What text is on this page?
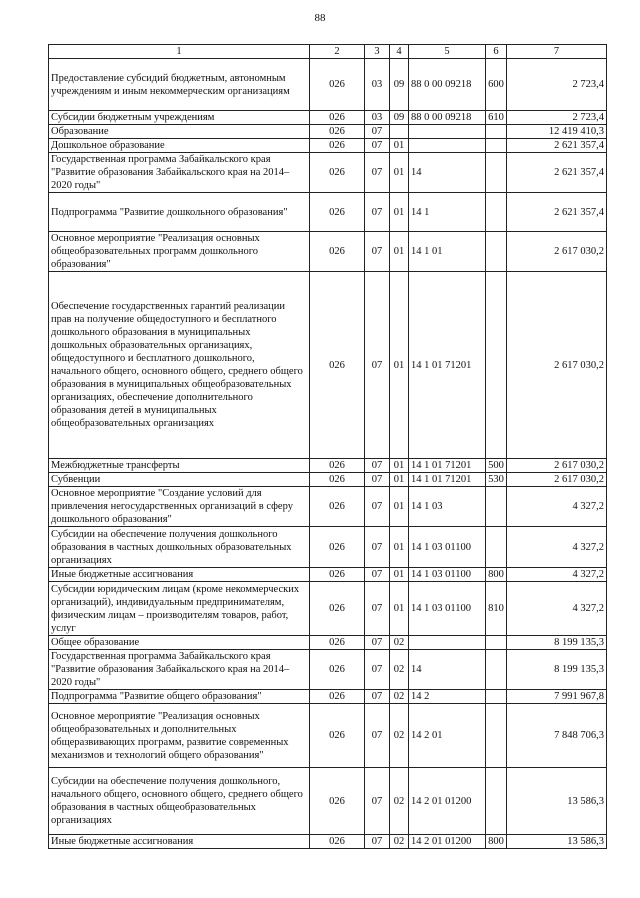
88
1	2	3	4	5	6	7
Предоставление субсидий бюджетным, автономным учреждениям и иным некоммерческим организациям	026	03	09	88 0 00 09218	600	2 723,4
Субсидии бюджетным учреждениям	026	03	09	88 0 00 09218	610	2 723,4
Образование	026	07				12 419 410,3
Дошкольное образование	026	07	01			2 621 357,4
Государственная программа Забайкальского края "Развитие образования Забайкальского края на 2014–2020 годы"	026	07	01	14		2 621 357,4
Подпрограмма "Развитие дошкольного образования"	026	07	01	14 1		2 621 357,4
Основное мероприятие "Реализация основных общеобразовательных программ дошкольного образования"	026	07	01	14 1 01		2 617 030,2
Обеспечение государственных гарантий реализации прав на получение общедоступного и бесплатного дошкольного образования в муниципальных дошкольных образовательных организациях, общедоступного и бесплатного дошкольного, начального общего, основного общего, среднего общего образования в муниципальных общеобразовательных организациях, обеспечение дополнительного образования детей в муниципальных общеобразовательных организациях	026	07	01	14 1 01 71201		2 617 030,2
Межбюджетные трансферты	026	07	01	14 1 01 71201	500	2 617 030,2
Субвенции	026	07	01	14 1 01 71201	530	2 617 030,2
Основное мероприятие "Создание условий для привлечения негосударственных организаций в сферу дошкольного образования"	026	07	01	14 1 03		4 327,2
Субсидии на обеспечение получения дошкольного образования в частных дошкольных образовательных организациях	026	07	01	14 1 03 01100		4 327,2
Иные бюджетные ассигнования	026	07	01	14 1 03 01100	800	4 327,2
Субсидии юридическим лицам (кроме некоммерческих организаций), индивидуальным предпринимателям, физическим лицам – производителям товаров, работ, услуг	026	07	01	14 1 03 01100	810	4 327,2
Общее образование	026	07	02			8 199 135,3
Государственная программа Забайкальского края "Развитие образования Забайкальского края на 2014–2020 годы"	026	07	02	14		8 199 135,3
Подпрограмма "Развитие общего образования"	026	07	02	14 2		7 991 967,8
Основное мероприятие "Реализация основных общеобразовательных и дополнительных общеразвивающих программ, развитие современных механизмов и технологий общего образования"	026	07	02	14 2 01		7 848 706,3
Субсидии на обеспечение получения дошкольного, начального общего, основного общего, среднего общего образования в частных общеобразовательных организациях	026	07	02	14 2 01 01200		13 586,3
Иные бюджетные ассигнования	026	07	02	14 2 01 01200	800	13 586,3
